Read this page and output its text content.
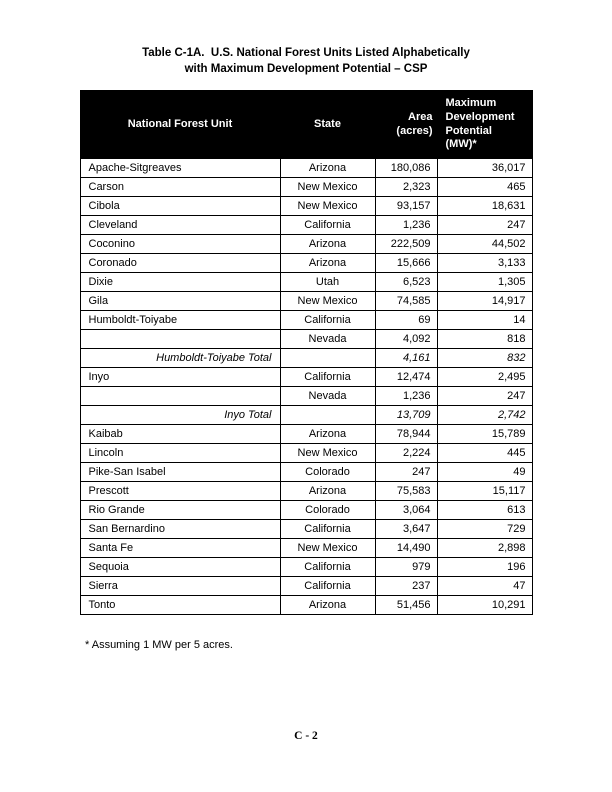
Table C-1A.  U.S. National Forest Units Listed Alphabetically
with Maximum Development Potential – CSP
National Forest Unit	State	Area (acres)	Maximum Development Potential (MW)*
Apache-Sitgreaves	Arizona	180,086	36,017
Carson	New Mexico	2,323	465
Cibola	New Mexico	93,157	18,631
Cleveland	California	1,236	247
Coconino	Arizona	222,509	44,502
Coronado	Arizona	15,666	3,133
Dixie	Utah	6,523	1,305
Gila	New Mexico	74,585	14,917
Humboldt-Toiyabe	California	69	14
	Nevada	4,092	818
Humboldt-Toiyabe Total		4,161	832
Inyo	California	12,474	2,495
	Nevada	1,236	247
Inyo Total		13,709	2,742
Kaibab	Arizona	78,944	15,789
Lincoln	New Mexico	2,224	445
Pike-San Isabel	Colorado	247	49
Prescott	Arizona	75,583	15,117
Rio Grande	Colorado	3,064	613
San Bernardino	California	3,647	729
Santa Fe	New Mexico	14,490	2,898
Sequoia	California	979	196
Sierra	California	237	47
Tonto	Arizona	51,456	10,291
* Assuming 1 MW per 5 acres.
C - 2
